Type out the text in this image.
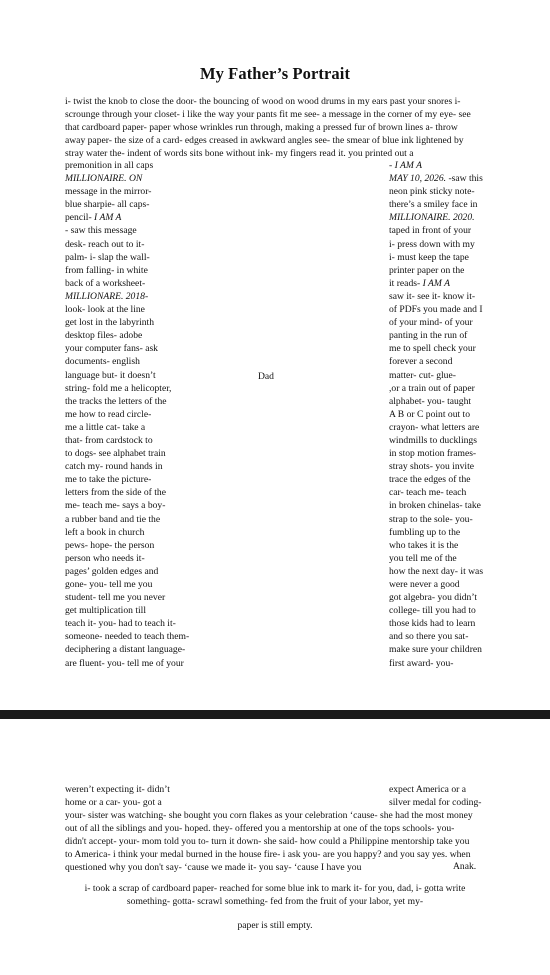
My Father’s Portrait
i- twist the knob to close the door- the bouncing of wood on wood drums in my ears past your snores i-
scrounge through your closet- i like the way your pants fit me see- a message in the corner of my eye- see
that cardboard paper- paper whose wrinkles run through, making a pressed fur of brown lines a- throw
away paper- the size of a card- edges creased in awkward angles see- the smear of blue ink lightened by
stray water the- indent of words sits bone without ink- my fingers read it. you printed out a
premonition in all caps
MILLIONAIRE. ON
message in the mirror-
blue sharpie- all caps-
pencil- I AM A
- saw this message
desk- reach out to it-
palm- i- slap the wall-
from falling- in white
back of a worksheet-
MILLIONARE. 2018-
look- look at the line
get lost in the labyrinth
desktop files- adobe
your computer fans- ask
documents- english
language but- it doesn’t
string- fold me a helicopter,
the tracks the letters of the
me how to read circle-
me a little cat- take a
that- from cardstock to
to dogs- see alphabet train
catch my- round hands in
me to take the picture-
letters from the side of the
me- teach me- says a boy-
a rubber band and tie the
left a book in church
pews- hope- the person
person who needs it-
pages’ golden edges and
gone- you- tell me you
student- tell me you never
get multiplication till
teach it- you- had to teach it-
someone- needed to teach them-
deciphering a distant language-
are fluent- you- tell me of your
Dad
- I AM A
MAY 10, 2026. -saw this
neon pink sticky note-
there’s a smiley face in
MILLIONAIRE. 2020.
taped in front of your
i- press down with my
i- must keep the tape
printer paper on the
it reads- I AM A
saw it- see it- know it-
of PDFs you made and I
of your mind- of your
panting in the run of
me to spell check your
forever a second
matter- cut- glue-
,or a train out of paper
alphabet- you- taught
A B or C point out to
crayon- what letters are
windmills to ducklings
in stop motion frames-
stray shots- you invite
trace the edges of the
car- teach me- teach
in broken chinelas- take
strap to the sole- you-
fumbling up to the
who takes it is the
you tell me of the
how the next day- it was
were never a good
got algebra- you didn’t
college- till you had to
those kids had to learn
and so there you sat-
make sure your children
first award- you-
weren’t expecting it- didn’t	expect America or a
home or a car- you- got a	silver medal for coding-
your- sister was watching- she bought you corn flakes as your celebration ‘cause- she had the most money
out of all the siblings and you- hoped. they- offered you a mentorship at one of the tops schools- you-
didn't accept- your- mom told you to- turn it down- she said- how could a Philippine mentorship take you
to America- i think your medal burned in the house fire- i ask you- are you happy? and you say yes. when
questioned why you don't say- ‘cause we made it- you say- ‘cause I have you	Anak.
i- took a scrap of cardboard paper- reached for some blue ink to mark it- for you, dad, i- gotta write
something- gotta- scrawl something- fed from the fruit of your labor, yet my-
paper is still empty.
